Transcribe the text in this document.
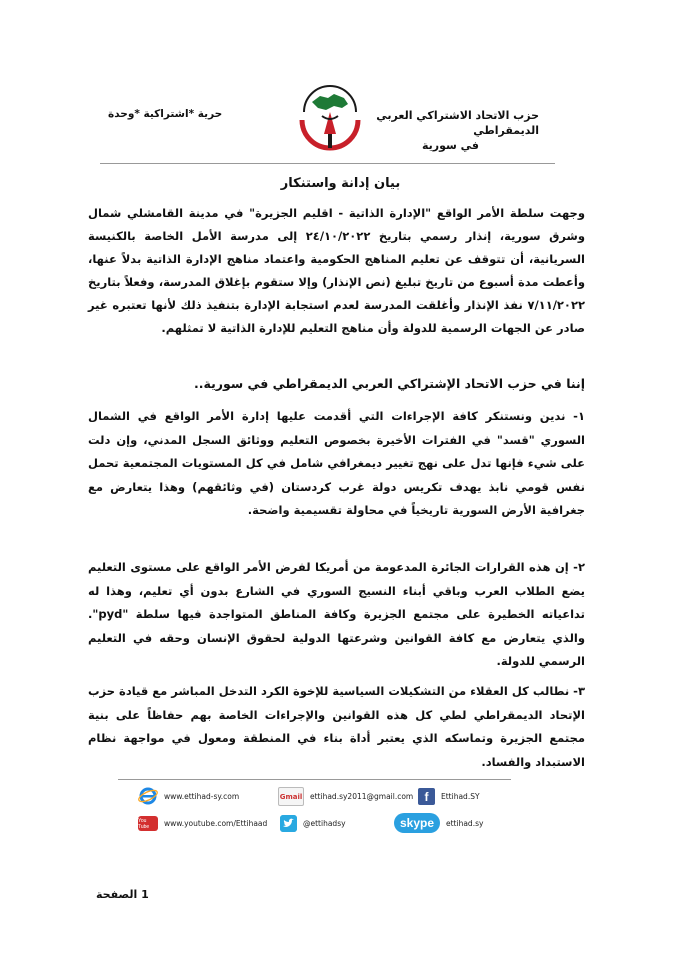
حزب الاتحاد الاشتراكي العربي الديمقراطي
في سورية
حرية *اشتراكية *وحدة
بيان إدانة واستنكار
وجهت سلطة الأمر الواقع "الإدارة الذاتية - اقليم الجزيرة" في مدينة القامشلي شمال وشرق سورية، إنذار رسمي بتاريخ ٢٤/١٠/٢٠٢٢ إلى مدرسة الأمل الخاصة بالكنيسة السريانية، أن تتوقف عن تعليم المناهج الحكومية واعتماد مناهج الإدارة الذاتية بدلاً عنها، وأعطت مدة أسبوع من تاريخ تبليغ (نص الإنذار) وإلا ستقوم بإغلاق المدرسة، وفعلاً بتاريخ ٧/١١/٢٠٢٢ نفذ الإنذار وأغلقت المدرسة لعدم استجابة الإدارة بتنفيذ ذلك لأنها تعتبره غير صادر عن الجهات الرسمية للدولة وأن مناهج التعليم للإدارة الذاتية لا تمثلهم.
إننا في حزب الاتحاد الإشتراكي العربي الديمقراطي في سورية..
١- ندين ونستنكر كافة الإجراءات التي أقدمت عليها إدارة الأمر الواقع في الشمال السوري "قسد" في الفترات الأخيرة بخصوص التعليم ووثائق السجل المدني، وإن دلت على شيء فإنها تدل على نهج تغيير ديمغرافي شامل في كل المستويات المجتمعية تحمل نفس قومي نابذ يهدف تكريس دولة غرب كردستان (في وثائقهم) وهذا يتعارض مع جغرافية الأرض السورية تاريخياً في محاولة تقسيمية واضحة.
٢- إن هذه القرارات الجائرة المدعومة من أمريكا لفرض الأمر الواقع على مستوى التعليم يضع الطلاب العرب وباقي أبناء النسيج السوري في الشارع بدون أي تعليم، وهذا له تداعياته الخطيرة على مجتمع الجزيرة وكافة المناطق المتواجدة فيها سلطة "pyd". والذي يتعارض مع كافة القوانين وشرعتها الدولية لحقوق الإنسان وحقه في التعليم الرسمي للدولة.
٣- نطالب كل العقلاء من التشكيلات السياسية للإخوة الكرد التدخل المباشر مع قيادة حزب الإتحاد الديمقراطي لطي كل هذه القوانين والإجراءات الخاصة بهم حفاظاً على بنية مجتمع الجزيرة وتماسكه الذي يعتبر أداة بناء في المنطقة ومعول في مواجهة نظام الاستبداد والفساد.
www.ettihad-sy.com	Gmail ettihad.sy2011@gmail.com f	Ettihad.SY
You Tube	www.youtube.com/Ettihaad	@ettihadsy	skype	ettihad.sy
1 الصفحة
